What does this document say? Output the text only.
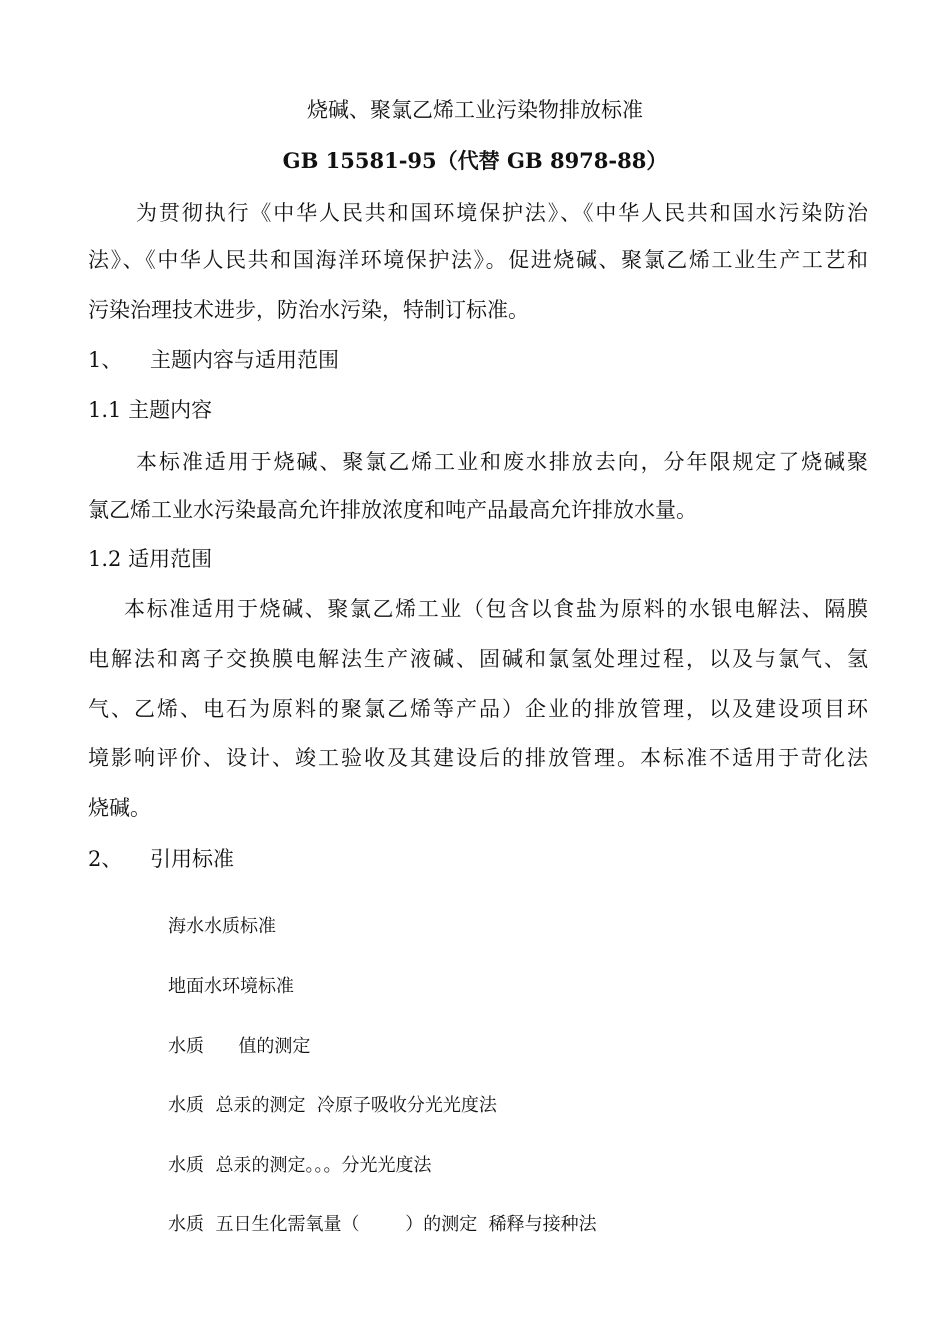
烧碱、聚氯乙烯工业污染物排放标准
GB 15581-95（代替 GB 8978-88）
为贯彻执行《中华人民共和国环境保护法》、《中华人民共和国水污染防治
法》、《中华人民共和国海洋环境保护法》。促进烧碱、聚氯乙烯工业生产工艺和
污染治理技术进步，防治水污染，特制订标准。
1、 主题内容与适用范围
1.1 主题内容
本标准适用于烧碱、聚氯乙烯工业和废水排放去向，分年限规定了烧碱聚
氯乙烯工业水污染最高允许排放浓度和吨产品最高允许排放水量。
1.2 适用范围
本标准适用于烧碱、聚氯乙烯工业（包含以食盐为原料的水银电解法、隔膜
电解法和离子交换膜电解法生产液碱、固碱和氯氢处理过程，以及与氯气、氢
气、乙烯、电石为原料的聚氯乙烯等产品）企业的排放管理，以及建设项目环
境影响评价、设计、竣工验收及其建设后的排放管理。本标准不适用于苛化法
烧碱。
2、 引用标准
海水水质标准
地面水环境标准
水质      值的测定
水质  总汞的测定  冷原子吸收分光光度法
水质  总汞的测定。。。分光光度法
水质  五日生化需氧量（        ）的测定  稀释与接种法
